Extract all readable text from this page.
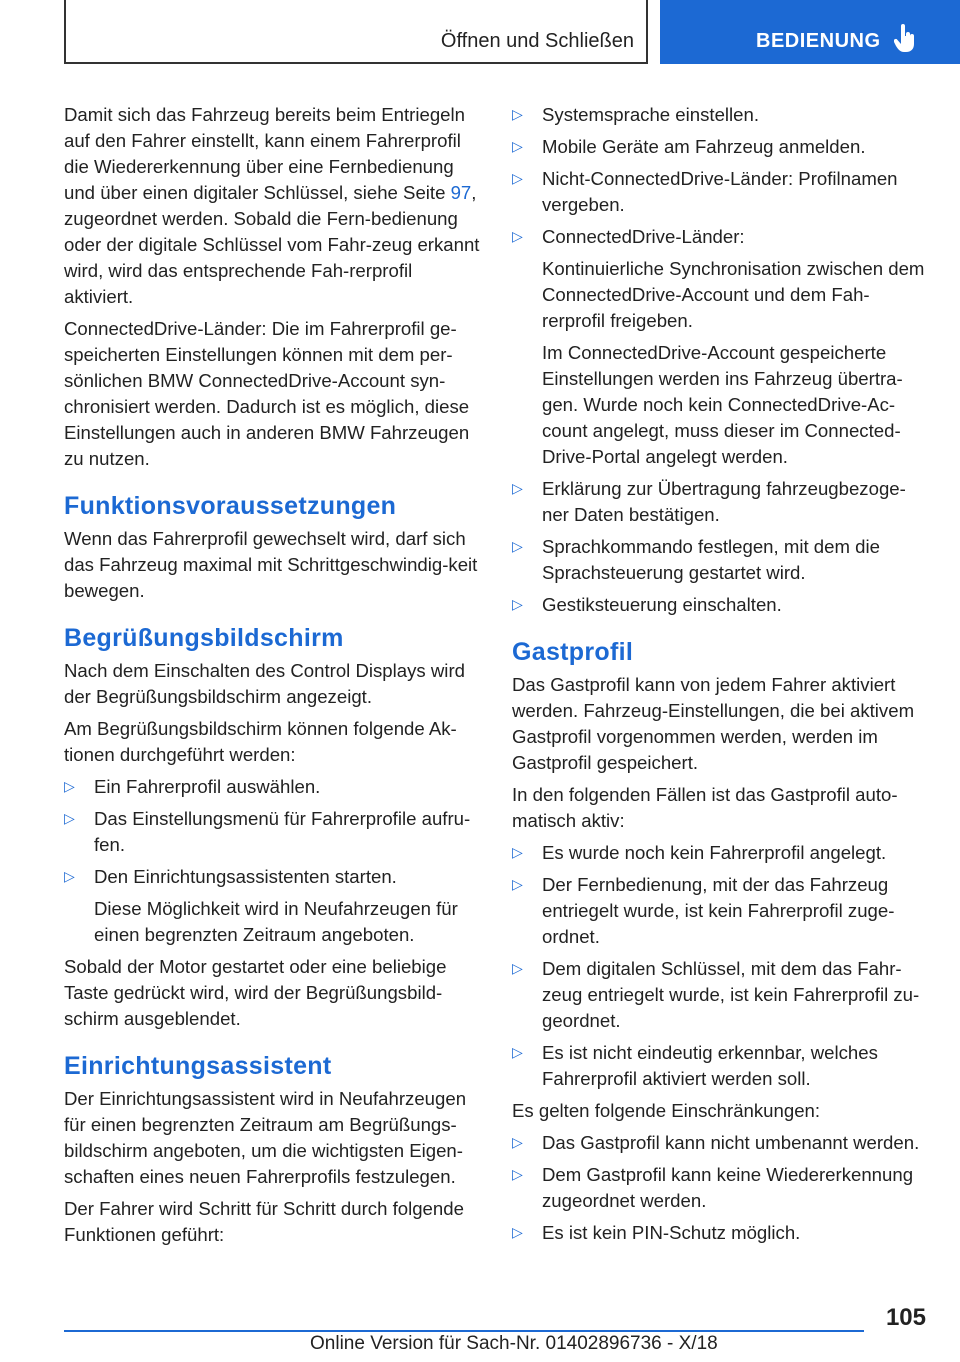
Öffnen und Schließen	BEDIENUNG

Damit sich das Fahrzeug bereits beim Entriegeln auf den Fahrer einstellt, kann einem Fahrerprofil die Wiedererkennung über eine Fernbedienung und über einen digitaler Schlüssel, siehe Seite 97, zugeordnet werden. Sobald die Fern-bedienung oder der digitale Schlüssel vom Fahr-zeug erkannt wird, wird das entsprechende Fah-rerprofil aktiviert.

ConnectedDrive-Länder: Die im Fahrerprofil ge-speicherten Einstellungen können mit dem per-sönlichen BMW ConnectedDrive-Account syn-chronisiert werden. Dadurch ist es möglich, diese Einstellungen auch in anderen BMW Fahrzeugen zu nutzen.

Funktionsvoraussetzungen

Wenn das Fahrerprofil gewechselt wird, darf sich das Fahrzeug maximal mit Schrittgeschwindig-keit bewegen.

Begrüßungsbildschirm

Nach dem Einschalten des Control Displays wird der Begrüßungsbildschirm angezeigt.

Am Begrüßungsbildschirm können folgende Ak-tionen durchgeführt werden:

▷ Ein Fahrerprofil auswählen.
▷ Das Einstellungsmenü für Fahrerprofile aufru-fen.
▷ Den Einrichtungsassistenten starten.
Diese Möglichkeit wird in Neufahrzeugen für einen begrenzten Zeitraum angeboten.

Sobald der Motor gestartet oder eine beliebige Taste gedrückt wird, wird der Begrüßungsbild-schirm ausgeblendet.

Einrichtungsassistent

Der Einrichtungsassistent wird in Neufahrzeugen für einen begrenzten Zeitraum am Begrüßungs-bildschirm angeboten, um die wichtigsten Eigen-schaften eines neuen Fahrerprofils festzulegen.

Der Fahrer wird Schritt für Schritt durch folgende Funktionen geführt:

▷ Systemsprache einstellen.
▷ Mobile Geräte am Fahrzeug anmelden.
▷ Nicht-ConnectedDrive-Länder: Profilnamen vergeben.
▷ ConnectedDrive-Länder:
Kontinuierliche Synchronisation zwischen dem ConnectedDrive-Account und dem Fah-rerprofil freigeben.
Im ConnectedDrive-Account gespeicherte Einstellungen werden ins Fahrzeug übertra-gen. Wurde noch kein ConnectedDrive-Ac-count angelegt, muss dieser im Connected-Drive-Portal angelegt werden.
▷ Erklärung zur Übertragung fahrzeugbezoge-ner Daten bestätigen.
▷ Sprachkommando festlegen, mit dem die Sprachsteuerung gestartet wird.
▷ Gestiksteuerung einschalten.
Gastprofil

Das Gastprofil kann von jedem Fahrer aktiviert werden. Fahrzeug-Einstellungen, die bei aktivem Gastprofil vorgenommen werden, werden im Gastprofil gespeichert.

In den folgenden Fällen ist das Gastprofil auto-matisch aktiv:

▷ Es wurde noch kein Fahrerprofil angelegt.
▷ Der Fernbedienung, mit der das Fahrzeug entriegelt wurde, ist kein Fahrerprofil zuge-ordnet.
▷ Dem digitalen Schlüssel, mit dem das Fahr-zeug entriegelt wurde, ist kein Fahrerprofil zu-geordnet.
▷ Es ist nicht eindeutig erkennbar, welches Fahrerprofil aktiviert werden soll.

Es gelten folgende Einschränkungen:

▷ Das Gastprofil kann nicht umbenannt werden.
▷ Dem Gastprofil kann keine Wiedererkennung zugeordnet werden.
▷ Es ist kein PIN-Schutz möglich.
105
Online Version für Sach-Nr. 01402896736 - X/18
